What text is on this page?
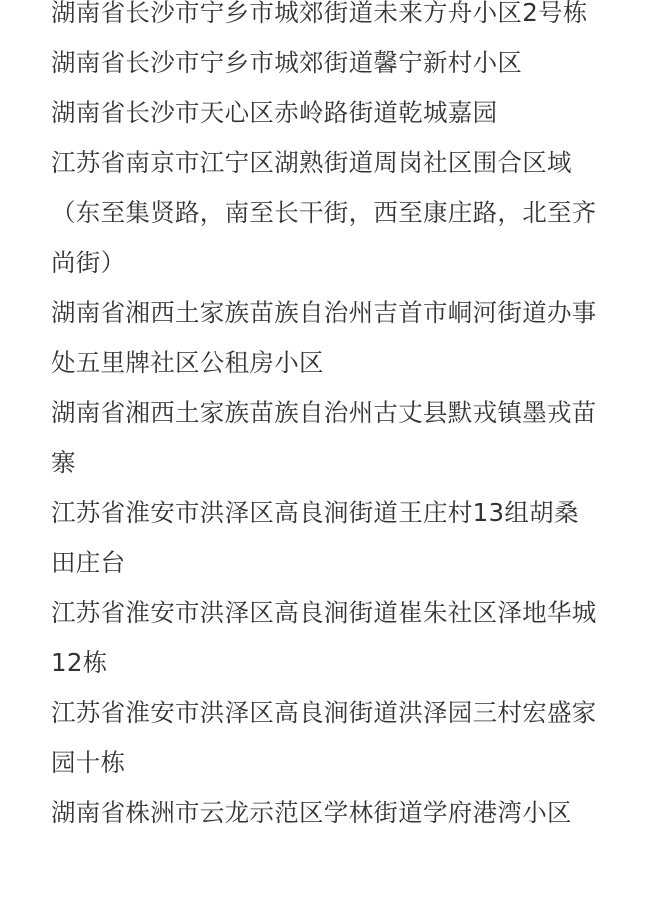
湖南省长沙市宁乡市城郊街道未来方舟小区2号栋

湖南省长沙市宁乡市城郊街道馨宁新村小区

湖南省长沙市天心区赤岭路街道乾城嘉园

江苏省南京市江宁区湖熟街道周岗社区围合区域（东至集贤路，南至长干街，西至康庄路，北至齐尚街）

湖南省湘西土家族苗族自治州吉首市峒河街道办事处五里牌社区公租房小区

湖南省湘西土家族苗族自治州古丈县默戎镇墨戎苗寨

江苏省淮安市洪泽区高良涧街道王庄村13组胡桑田庄台

江苏省淮安市洪泽区高良涧街道崔朱社区泽地华城12栋

江苏省淮安市洪泽区高良涧街道洪泽园三村宏盛家园十栋

湖南省株洲市云龙示范区学林街道学府港湾小区
